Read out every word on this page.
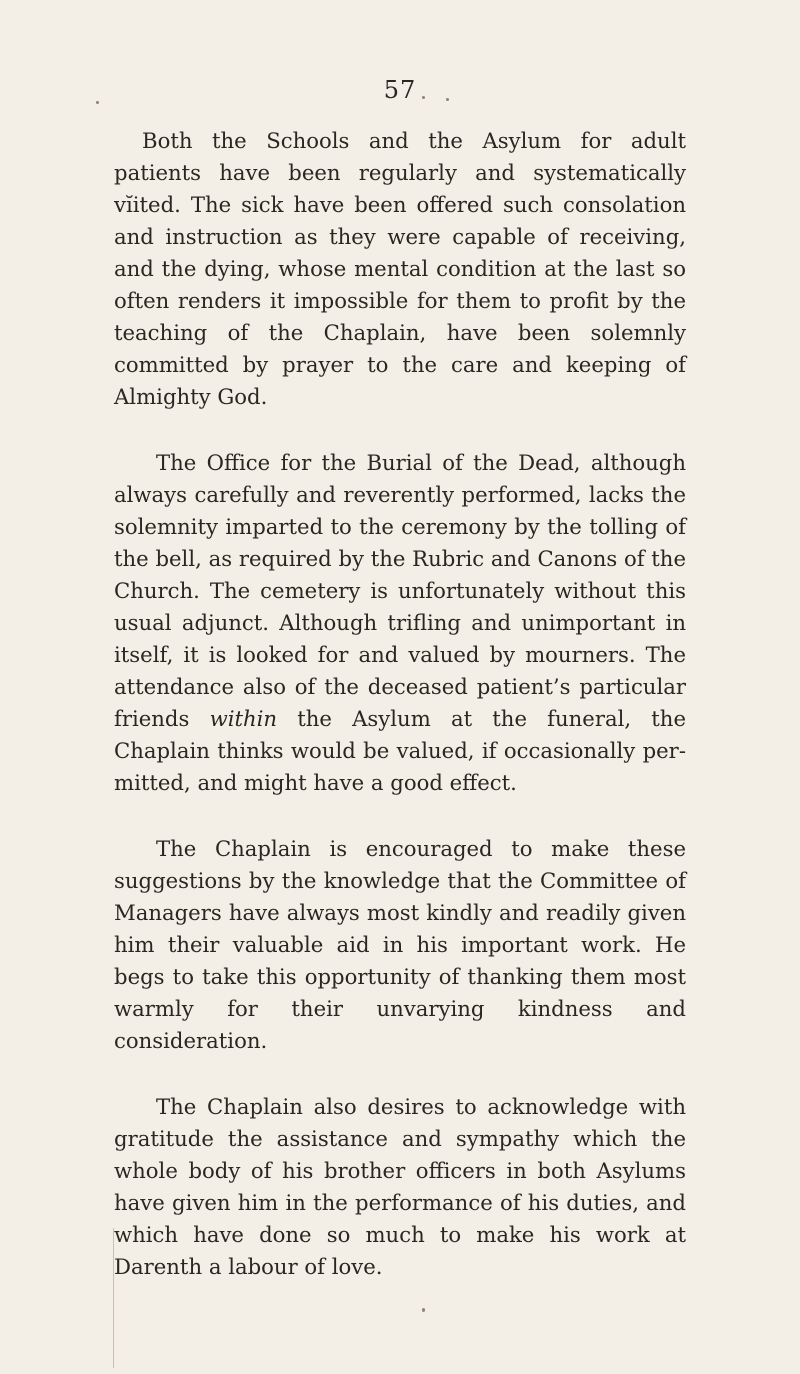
57

Both the Schools and the Asylum for adult patients have been regularly and systematically vĭited. The sick have been offered such consolation and instruction as they were capable of receiving, and the dying, whose mental condition at the last so often renders it impossible for them to profit by the teaching of the Chaplain, have been solemnly committed by prayer to the care and keeping of Almighty God.

The Office for the Burial of the Dead, although always carefully and reverently performed, lacks the solemnity imparted to the ceremony by the tolling of the bell, as required by the Rubric and Canons of the Church. The cemetery is unfortunately without this usual adjunct. Although trifling and unimportant in itself, it is looked for and valued by mourners. The attendance also of the deceased patient’s particular friends within the Asylum at the funeral, the Chaplain thinks would be valued, if occasionally permitted, and might have a good effect.

The Chaplain is encouraged to make these suggestions by the knowledge that the Committee of Managers have always most kindly and readily given him their valuable aid in his important work. He begs to take this opportunity of thanking them most warmly for their unvarying kindness and consideration.

The Chaplain also desires to acknowledge with gratitude the assistance and sympathy which the whole body of his brother officers in both Asylums have given him in the performance of his duties, and which have done so much to make his work at Darenth a labour of love.
